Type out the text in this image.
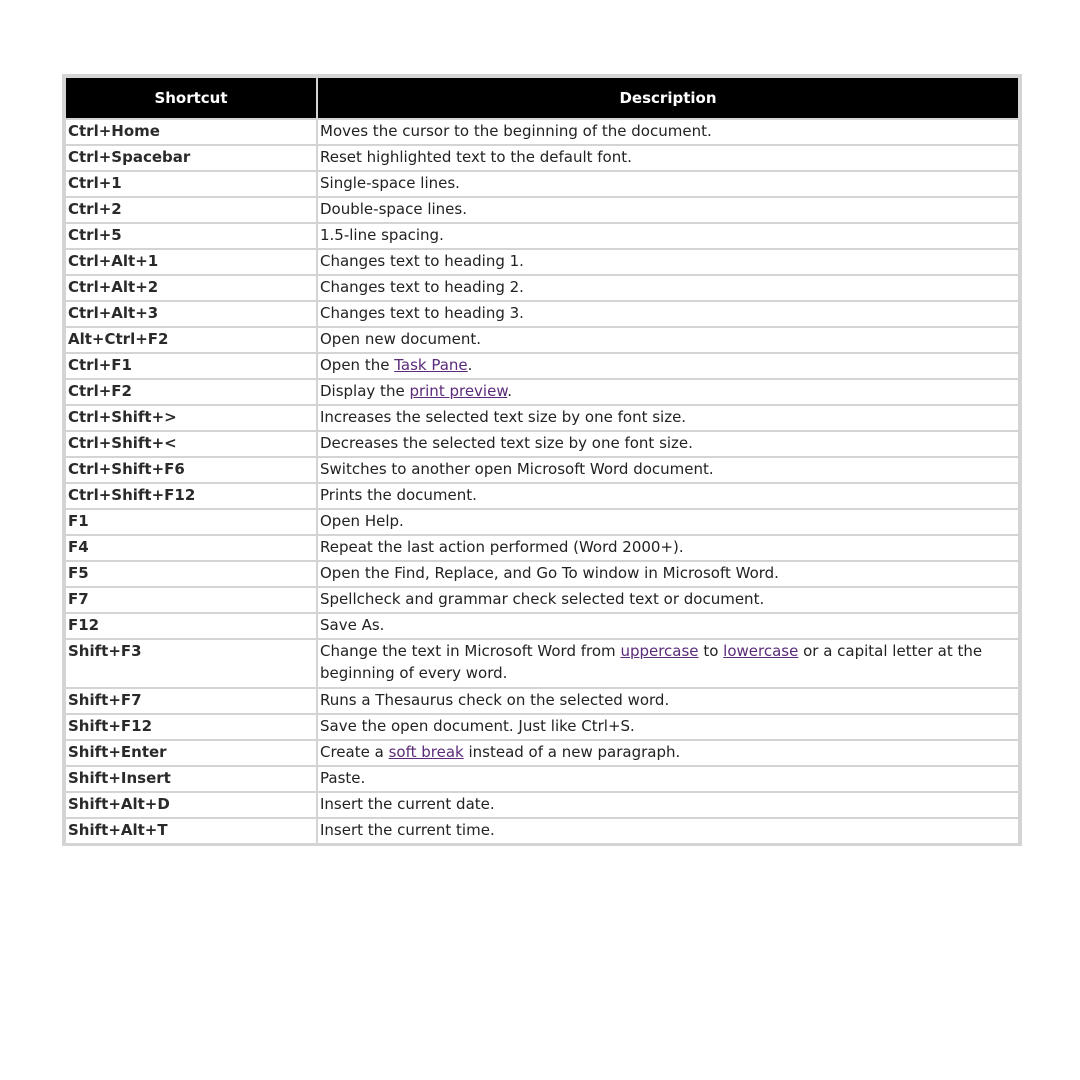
Shortcut	Description
Ctrl+Home	Moves the cursor to the beginning of the document.
Ctrl+Spacebar	Reset highlighted text to the default font.
Ctrl+1	Single-space lines.
Ctrl+2	Double-space lines.
Ctrl+5	1.5-line spacing.
Ctrl+Alt+1	Changes text to heading 1.
Ctrl+Alt+2	Changes text to heading 2.
Ctrl+Alt+3	Changes text to heading 3.
Alt+Ctrl+F2	Open new document.
Ctrl+F1	Open the Task Pane.
Ctrl+F2	Display the print preview.
Ctrl+Shift+>	Increases the selected text size by one font size.
Ctrl+Shift+<	Decreases the selected text size by one font size.
Ctrl+Shift+F6	Switches to another open Microsoft Word document.
Ctrl+Shift+F12	Prints the document.
F1	Open Help.
F4	Repeat the last action performed (Word 2000+).
F5	Open the Find, Replace, and Go To window in Microsoft Word.
F7	Spellcheck and grammar check selected text or document.
F12	Save As.
Shift+F3	Change the text in Microsoft Word from uppercase to lowercase or a capital letter at the beginning of every word.
Shift+F7	Runs a Thesaurus check on the selected word.
Shift+F12	Save the open document. Just like Ctrl+S.
Shift+Enter	Create a soft break instead of a new paragraph.
Shift+Insert	Paste.
Shift+Alt+D	Insert the current date.
Shift+Alt+T	Insert the current time.
